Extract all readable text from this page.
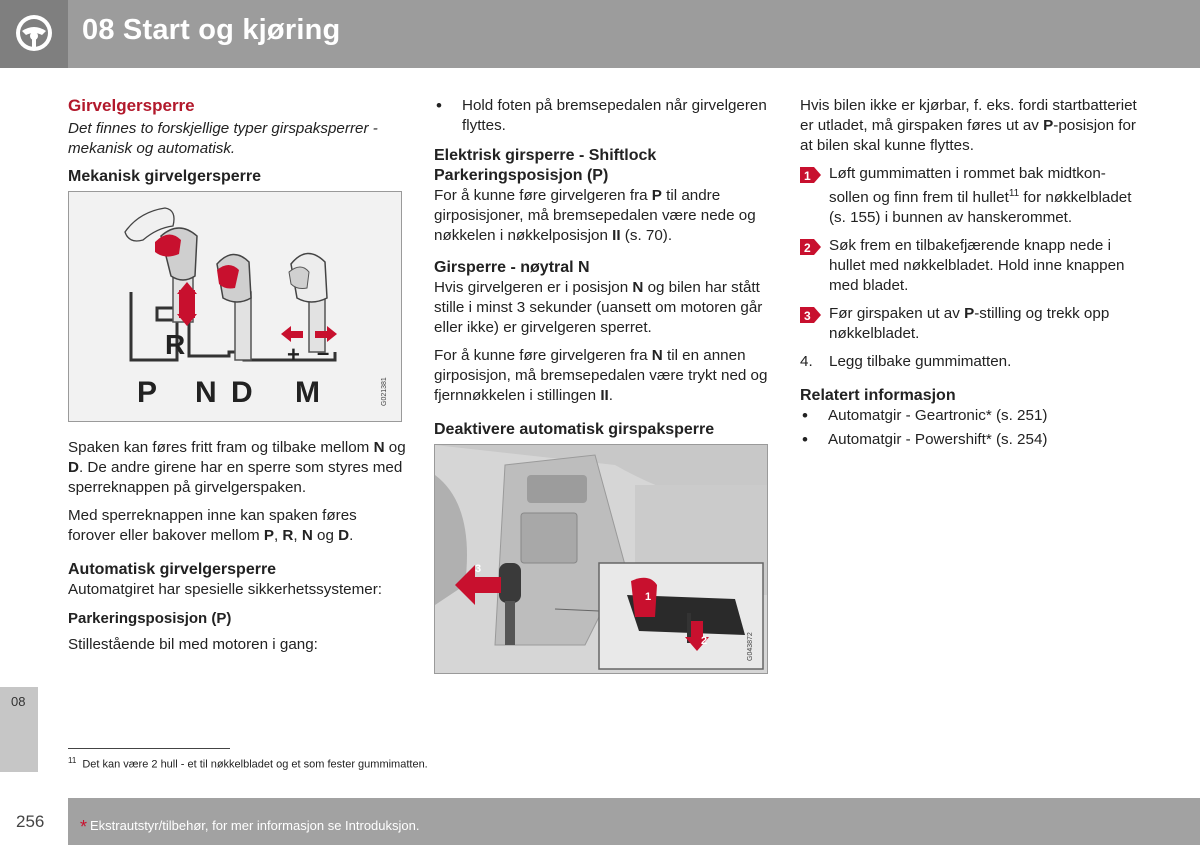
08 Start og kjøring
Girvelgersperre

Det finnes to forskjellige typer girspaksperrer - mekanisk og automatisk.

Mekanisk girvelgersperre
R	+ –
P N D M	G021381

Spaken kan føres fritt fram og tilbake mellom N og D. De andre girene har en sperre som styres med sperreknappen på girvelgerspaken.

Med sperreknappen inne kan spaken føres forover eller bakover mellom P, R, N og D.

Automatisk girvelgersperre

Automatgiret har spesielle sikkerhetssystemer:

Parkeringsposisjon (P)

Stillestående bil med motoren i gang:

• Hold foten på bremsepedalen når girvelgeren flyttes.
Elektrisk girsperre - Shiftlock
Parkeringsposisjon (P)

For å kunne føre girvelgeren fra P til andre girposisjoner, må bremsepedalen være nede og nøkkelen i nøkkelposisjon II (s. 70).

Girsperre - nøytral N

Hvis girvelgeren er i posisjon N og bilen har stått stille i minst 3 sekunder (uansett om motoren går eller ikke) er girvelgeren sperret.

For å kunne føre girvelgeren fra N til en annen girposisjon, må bremsepedalen være trykt ned og fjernnøkkelen i stillingen II.

Deaktivere automatisk girspaksperre
3
1
2	G043872

Hvis bilen ikke er kjørbar, f. eks. fordi startbatteriet er utladet, må girspaken føres ut av P-posisjon for at bilen skal kunne flyttes.

1 Løft gummimatten i rommet bak midtkonsollen og finn frem til hullet$^{11}$ for nøkkelbladet (s. 155) i bunnen av hanskerommet.
2 Søk frem en tilbakefjærende knapp nede i hullet med nøkkelbladet. Hold inne knappen med bladet.
3 Før girspaken ut av P-stilling og trekk opp nøkkelbladet.
4. Legg tilbake gummimatten.
Relatert informasjon
• Automatgir - Geartronic* (s. 251)
• Automatgir - Powershift* (s. 254)
08
$^{11}$ Det kan være 2 hull - et til nøkkelbladet og et som fester gummimatten.
256 * Ekstrautstyr/tilbehør, for mer informasjon se Introduksjon.
